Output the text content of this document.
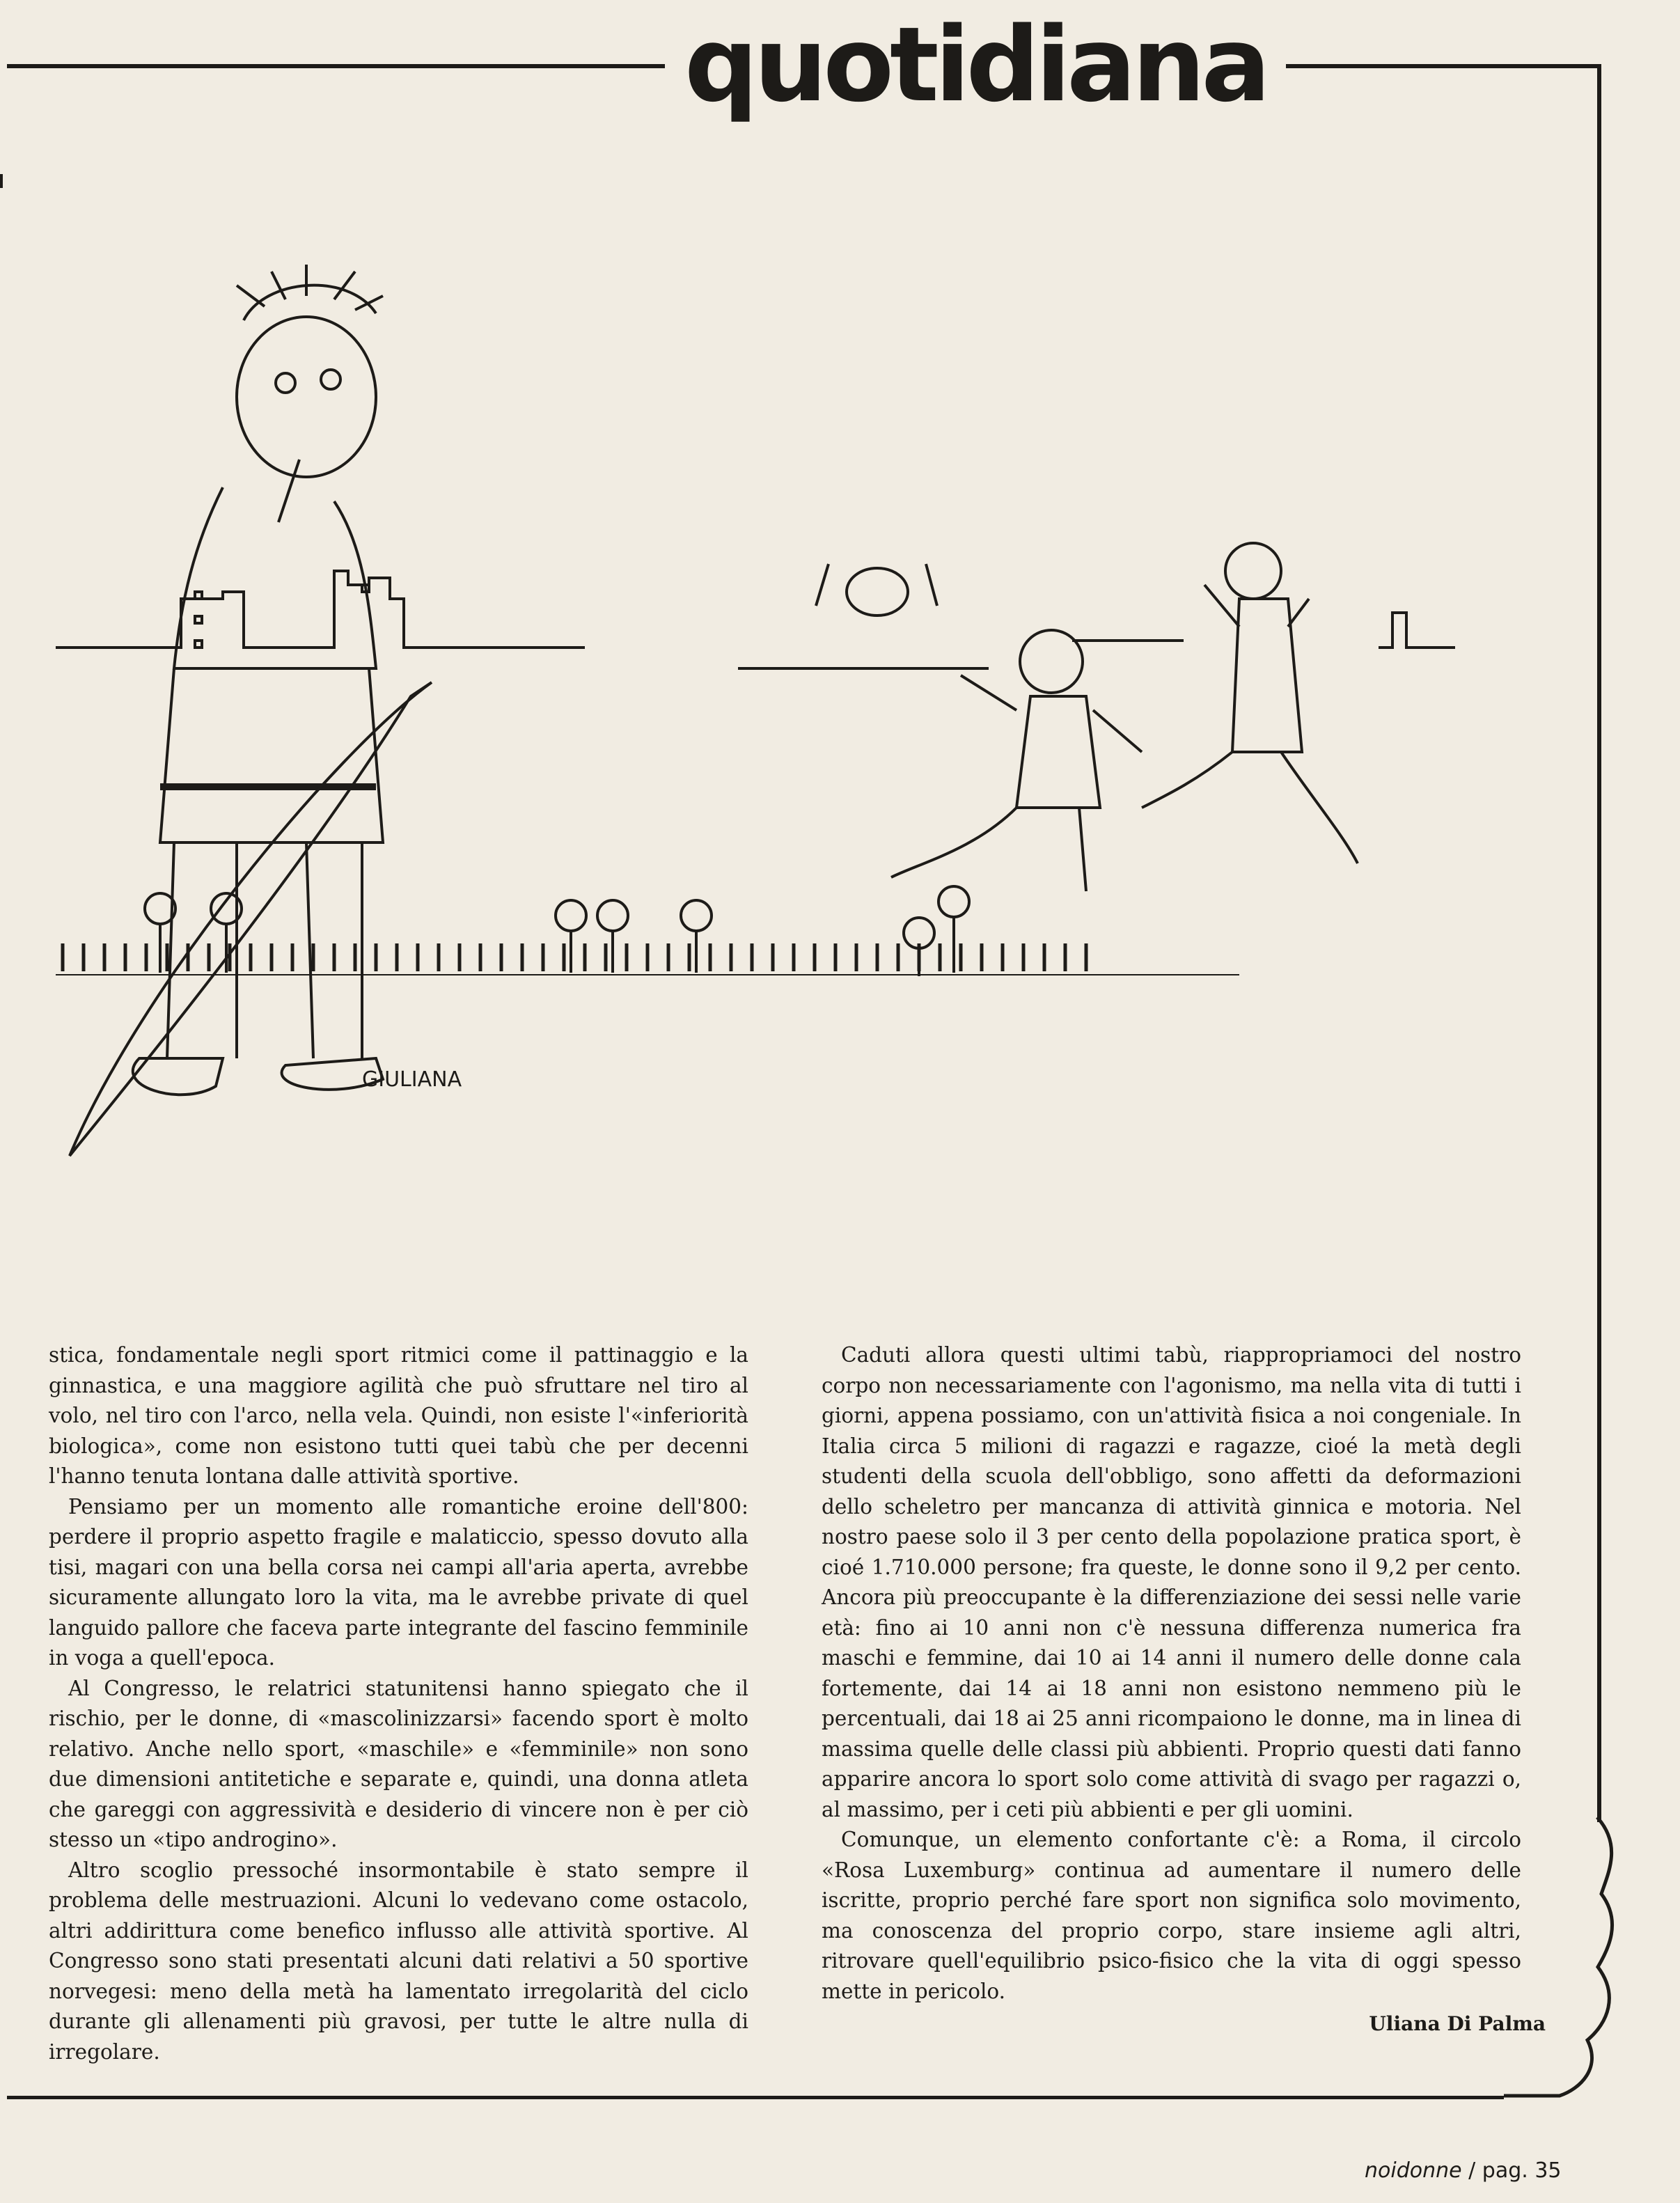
quotidiana
GIULIANA

stica, fondamentale negli sport ritmici come il pattinaggio e la ginnastica, e una maggiore agilità che può sfruttare nel tiro al volo, nel tiro con l'arco, nella vela. Quindi, non esiste l'«inferiorità biologica», come non esistono tutti quei tabù che per decenni l'hanno tenuta lontana dalle attività sportive.

Pensiamo per un momento alle romantiche eroine dell'800: perdere il proprio aspetto fragile e malaticcio, spesso dovuto alla tisi, magari con una bella corsa nei campi all'aria aperta, avrebbe sicuramente allungato loro la vita, ma le avrebbe private di quel languido pallore che faceva parte integrante del fascino femminile in voga a quell'epoca.

Al Congresso, le relatrici statunitensi hanno spiegato che il rischio, per le donne, di «mascolinizzarsi» facendo sport è molto relativo. Anche nello sport, «maschile» e «femminile» non sono due dimensioni antitetiche e separate e, quindi, una donna atleta che gareggi con aggressività e desiderio di vincere non è per ciò stesso un «tipo androgino».

Altro scoglio pressoché insormontabile è stato sempre il problema delle mestruazioni. Alcuni lo vedevano come ostacolo, altri addirittura come benefico influsso alle attività sportive. Al Congresso sono stati presentati alcuni dati relativi a 50 sportive norvegesi: meno della metà ha lamentato irregolarità del ciclo durante gli allenamenti più gravosi, per tutte le altre nulla di irregolare.

Caduti allora questi ultimi tabù, riappropriamoci del nostro corpo non necessariamente con l'agonismo, ma nella vita di tutti i giorni, appena possiamo, con un'attività fisica a noi congeniale. In Italia circa 5 milioni di ragazzi e ragazze, cioé la metà degli studenti della scuola dell'obbligo, sono affetti da deformazioni dello scheletro per mancanza di attività ginnica e motoria. Nel nostro paese solo il 3 per cento della popolazione pratica sport, è cioé 1.710.000 persone; fra queste, le donne sono il 9,2 per cento. Ancora più preoccupante è la differenziazione dei sessi nelle varie età: fino ai 10 anni non c'è nessuna differenza numerica fra maschi e femmine, dai 10 ai 14 anni il numero delle donne cala fortemente, dai 14 ai 18 anni non esistono nemmeno più le percentuali, dai 18 ai 25 anni ricompaiono le donne, ma in linea di massima quelle delle classi più abbienti. Proprio questi dati fanno apparire ancora lo sport solo come attività di svago per ragazzi o, al massimo, per i ceti più abbienti e per gli uomini.

Comunque, un elemento confortante c'è: a Roma, il circolo «Rosa Luxemburg» continua ad aumentare il numero delle iscritte, proprio perché fare sport non significa solo movimento, ma conoscenza del proprio corpo, stare insieme agli altri, ritrovare quell'equilibrio psico-fisico che la vita di oggi spesso mette in pericolo.

Uliana Di Palma
noidonne / pag. 35
